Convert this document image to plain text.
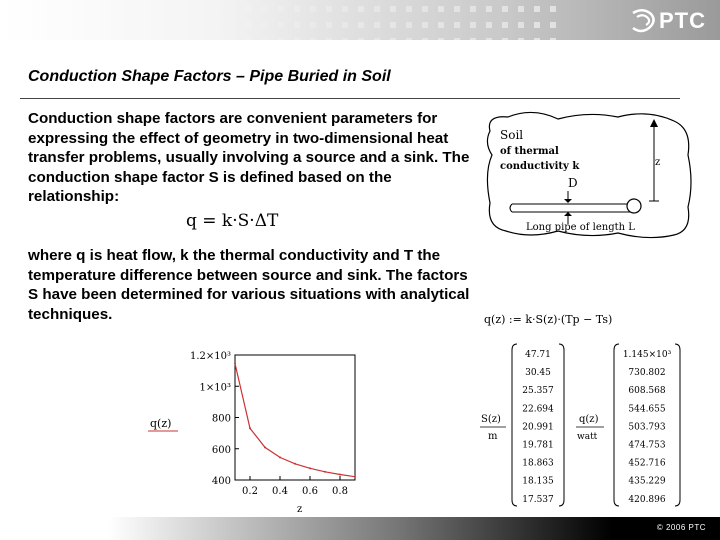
PTC
Conduction Shape Factors – Pipe Buried in Soil
Conduction shape factors are convenient parameters for expressing the effect of geometry in two-dimensional heat transfer problems, usually involving a source and a sink. The conduction shape factor S is defined based on the relationship:
q = k·S·ΔT
Soil
of thermal
conductivity k	z
D
Long pipe of length L
where q is heat flow, k the thermal conductivity and T the temperature difference between source and sink. The factors S have been determined for various situations with analytical techniques.	q(z) := k·S(z)·(Tp − Ts)
400
600
800
1×10³
1.2×10³
0.2 0.4 0.6 0.8
q(z)
z
47.71
30.45
25.357
22.694
20.991
19.781
18.863
18.135
17.537
1.145×10³
730.802
608.568
544.655
503.793
474.753
452.716
435.229
420.896
S(z)
m
q(z)
watt
© 2006 PTC
